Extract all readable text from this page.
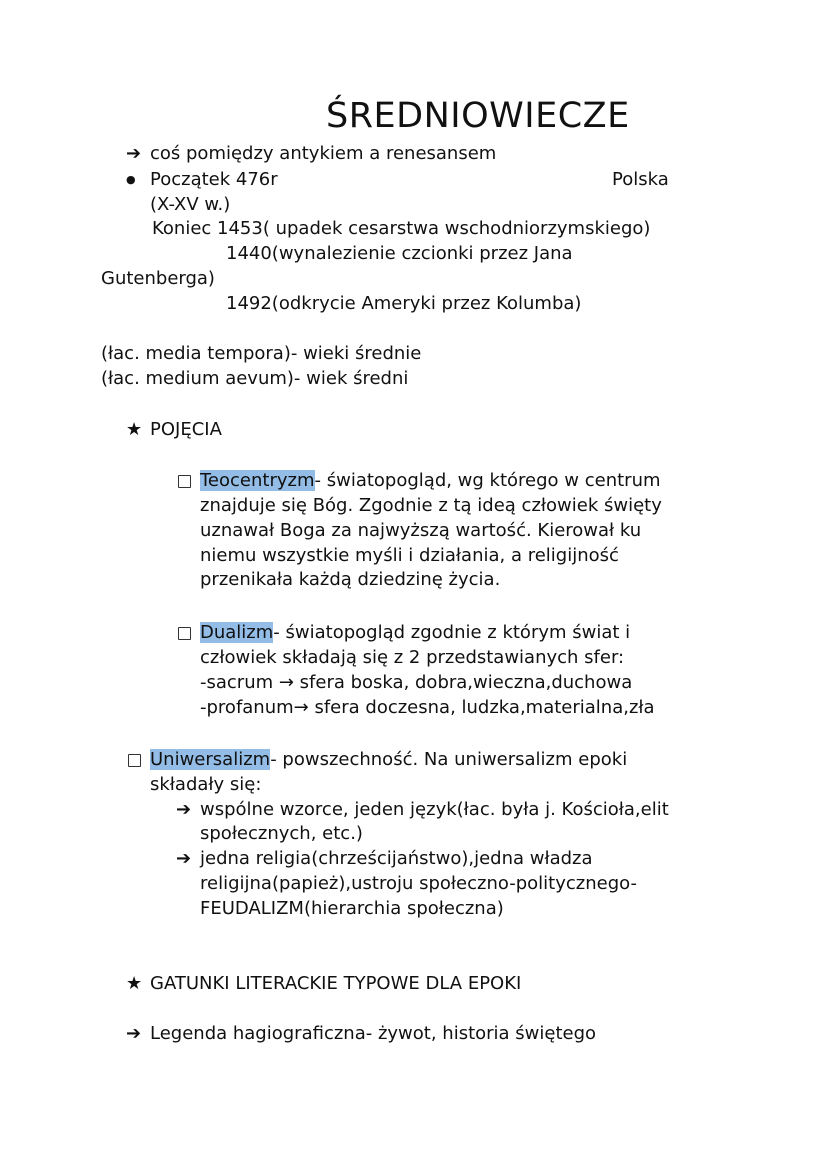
ŚREDNIOWIECZE
➔ coś pomiędzy antykiem a renesansem
● Początek 476r	Polska
(X-XV w.)
Koniec 1453( upadek cesarstwa wschodniorzymskiego)
1440(wynalezienie czcionki przez Jana
Gutenberga)
1492(odkrycie Ameryki przez Kolumba)
(łac. media tempora)- wieki średnie
(łac. medium aevum)- wiek średni
★ POJĘCIA
Teocentryzm- światopogląd, wg którego w centrum
znajduje się Bóg. Zgodnie z tą ideą człowiek święty
uznawał Boga za najwyższą wartość. Kierował ku
niemu wszystkie myśli i działania, a religijność
przenikała każdą dziedzinę życia.
Dualizm- światopogląd zgodnie z którym świat i
człowiek składają się z 2 przedstawianych sfer:
-sacrum → sfera boska, dobra,wieczna,duchowa
-profanum→ sfera doczesna, ludzka,materialna,zła
Uniwersalizm- powszechność. Na uniwersalizm epoki
składały się:
➔ wspólne wzorce, jeden język(łac. była j. Kościoła,elit
społecznych, etc.)
➔ jedna religia(chrześcijaństwo),jedna władza
religijna(papież),ustroju społeczno-politycznego-
FEUDALIZM(hierarchia społeczna)
★ GATUNKI LITERACKIE TYPOWE DLA EPOKI
➔ Legenda hagiograficzna- żywot, historia świętego
